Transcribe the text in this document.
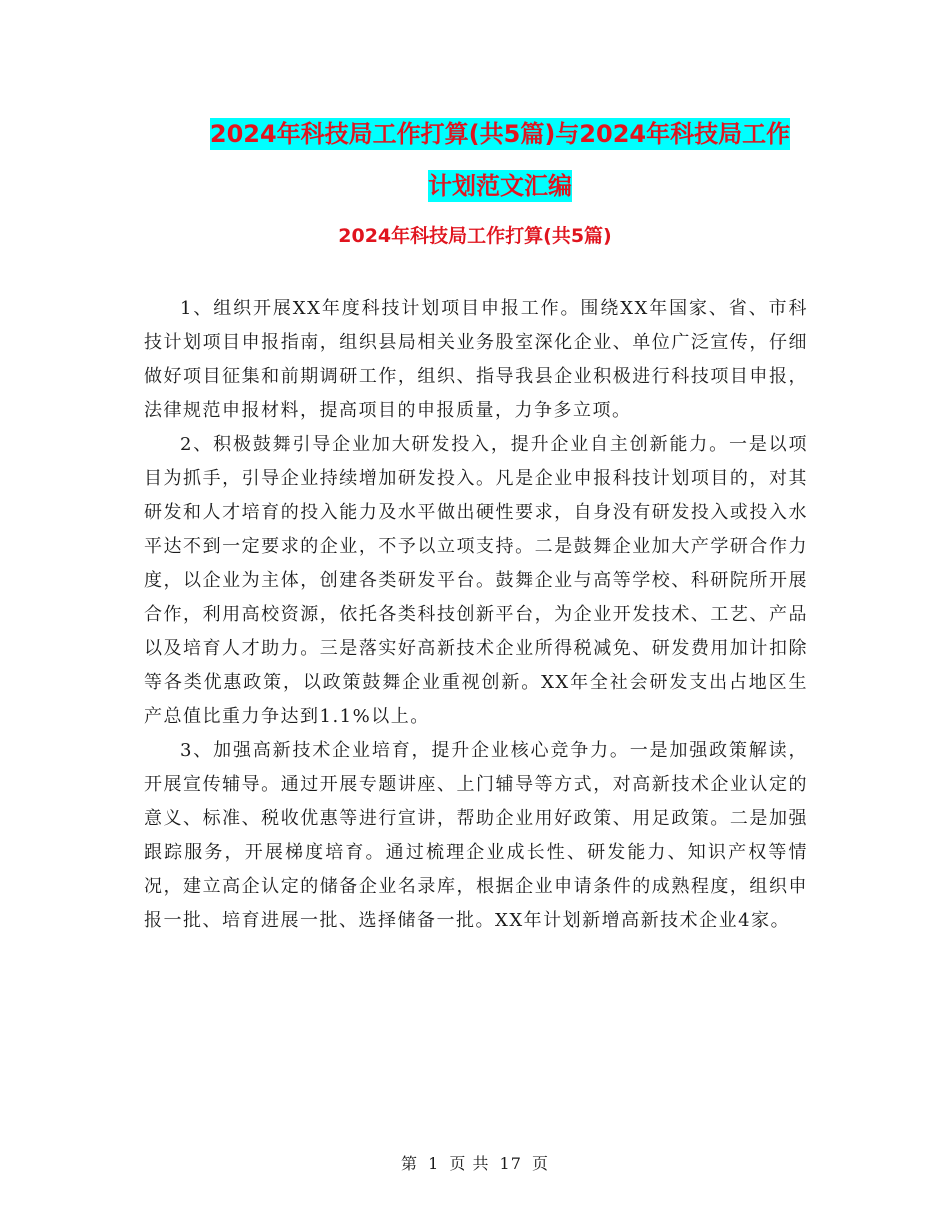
2024年科技局工作打算(共5篇)与2024年科技局工作
计划范文汇编
2024年科技局工作打算(共5篇)

1、组织开展XX年度科技计划项目申报工作。围绕XX年国家、省、市科技计划项目申报指南，组织县局相关业务股室深化企业、单位广泛宣传，仔细做好项目征集和前期调研工作，组织、指导我县企业积极进行科技项目申报，法律规范申报材料，提高项目的申报质量，力争多立项。

2、积极鼓舞引导企业加大研发投入，提升企业自主创新能力。一是以项目为抓手，引导企业持续增加研发投入。凡是企业申报科技计划项目的，对其研发和人才培育的投入能力及水平做出硬性要求，自身没有研发投入或投入水平达不到一定要求的企业，不予以立项支持。二是鼓舞企业加大产学研合作力度，以企业为主体，创建各类研发平台。鼓舞企业与高等学校、科研院所开展合作，利用高校资源，依托各类科技创新平台，为企业开发技术、工艺、产品以及培育人才助力。三是落实好高新技术企业所得税减免、研发费用加计扣除等各类优惠政策，以政策鼓舞企业重视创新。XX年全社会研发支出占地区生产总值比重力争达到1.1%以上。

3、加强高新技术企业培育，提升企业核心竞争力。一是加强政策解读，开展宣传辅导。通过开展专题讲座、上门辅导等方式，对高新技术企业认定的意义、标准、税收优惠等进行宣讲，帮助企业用好政策、用足政策。二是加强跟踪服务，开展梯度培育。通过梳理企业成长性、研发能力、知识产权等情况，建立高企认定的储备企业名录库，根据企业申请条件的成熟程度，组织申报一批、培育进展一批、选择储备一批。XX年计划新增高新技术企业4家。

第 1 页 共 17 页
